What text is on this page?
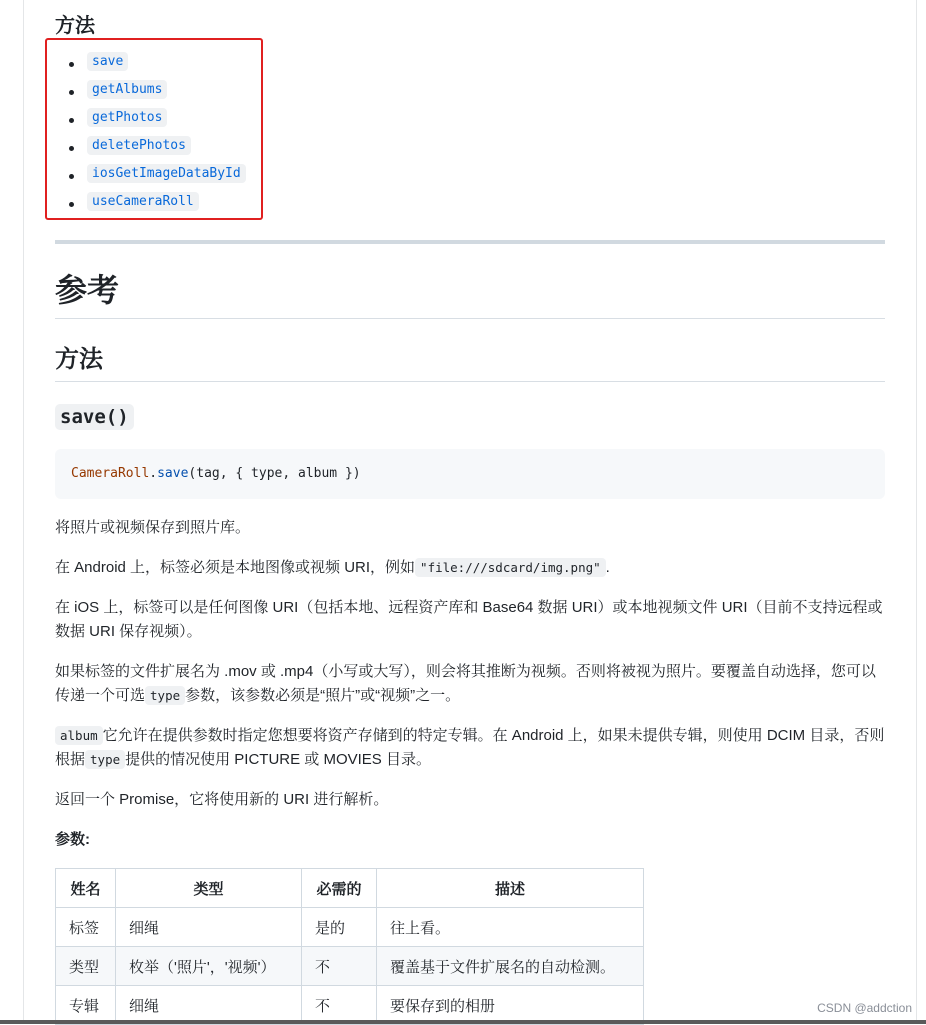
方法
save
getAlbums
getPhotos
deletePhotos
iosGetImageDataById
useCameraRoll
参考
方法
save()
CameraRoll.save(tag, { type, album })

将照片或视频保存到照片库。

在 Android 上，标签必须是本地图像或视频 URI，例如 "file:///sdcard/img.png" .

在 iOS 上，标签可以是任何图像 URI（包括本地、远程资产库和 Base64 数据 URI）或本地视频文件 URI（目前不支持远程或数据 URI 保存视频）。

如果标签的文件扩展名为 .mov 或 .mp4（小写或大写），则会将其推断为视频。否则将被视为照片。要覆盖自动选择，您可以传递一个可选 type 参数，该参数必须是“照片”或“视频”之一。

album 它允许在提供参数时指定您想要将资产存储到的特定专辑。在 Android 上，如果未提供专辑，则使用 DCIM 目录，否则根据 type 提供的情况使用 PICTURE 或 MOVIES 目录。

返回一个 Promise，它将使用新的 URI 进行解析。

参数:

姓名	类型	必需的	描述
标签	细绳	是的	往上看。
类型	枚举（'照片'，'视频'）	不	覆盖基于文件扩展名的自动检测。
专辑	细绳	不	要保存到的相册	CSDN @addction
